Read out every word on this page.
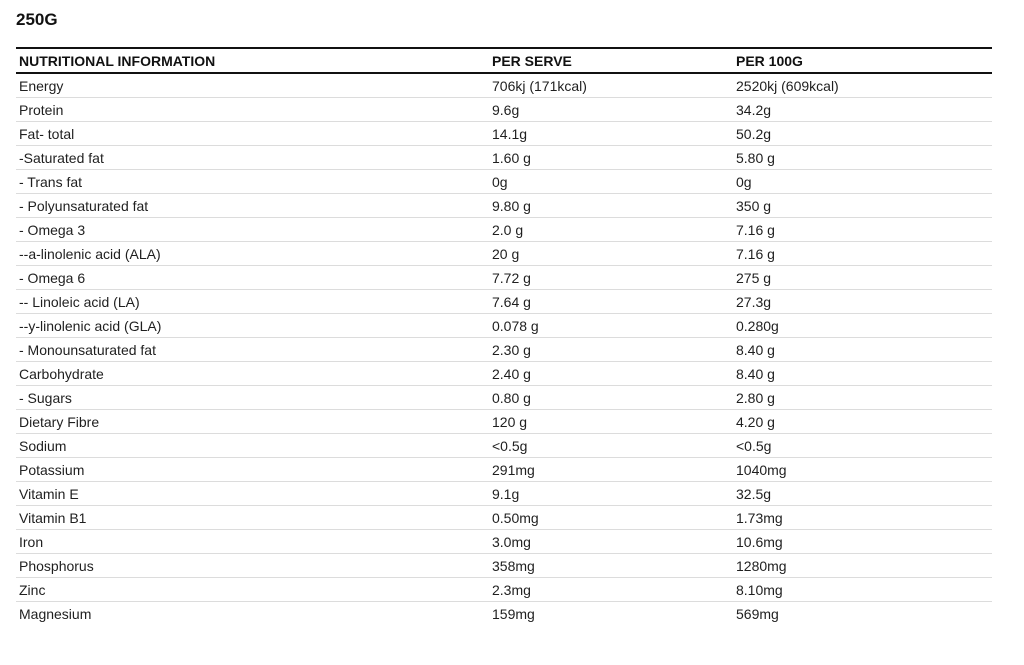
250G
NUTRITIONAL INFORMATION	PER SERVE	PER 100G
Energy	706kj (171kcal)	2520kj (609kcal)
Protein	9.6g	34.2g
Fat- total	14.1g	50.2g
-Saturated fat	1.60 g	5.80 g
- Trans fat	0g	0g
- Polyunsaturated fat	9.80 g	350 g
- Omega 3	2.0 g	7.16 g
--a-linolenic acid (ALA)	20 g	7.16 g
- Omega 6	7.72 g	275 g
-- Linoleic acid (LA)	7.64 g	27.3g
--y-linolenic acid (GLA)	0.078 g	0.280g
- Monounsaturated fat	2.30 g	8.40 g
Carbohydrate	2.40 g	8.40 g
- Sugars	0.80 g	2.80 g
Dietary Fibre	120 g	4.20 g
Sodium	<0.5g	<0.5g
Potassium	291mg	1040mg
Vitamin E	9.1g	32.5g
Vitamin B1	0.50mg	1.73mg
Iron	3.0mg	10.6mg
Phosphorus	358mg	1280mg
Zinc	2.3mg	8.10mg
Magnesium	159mg	569mg
